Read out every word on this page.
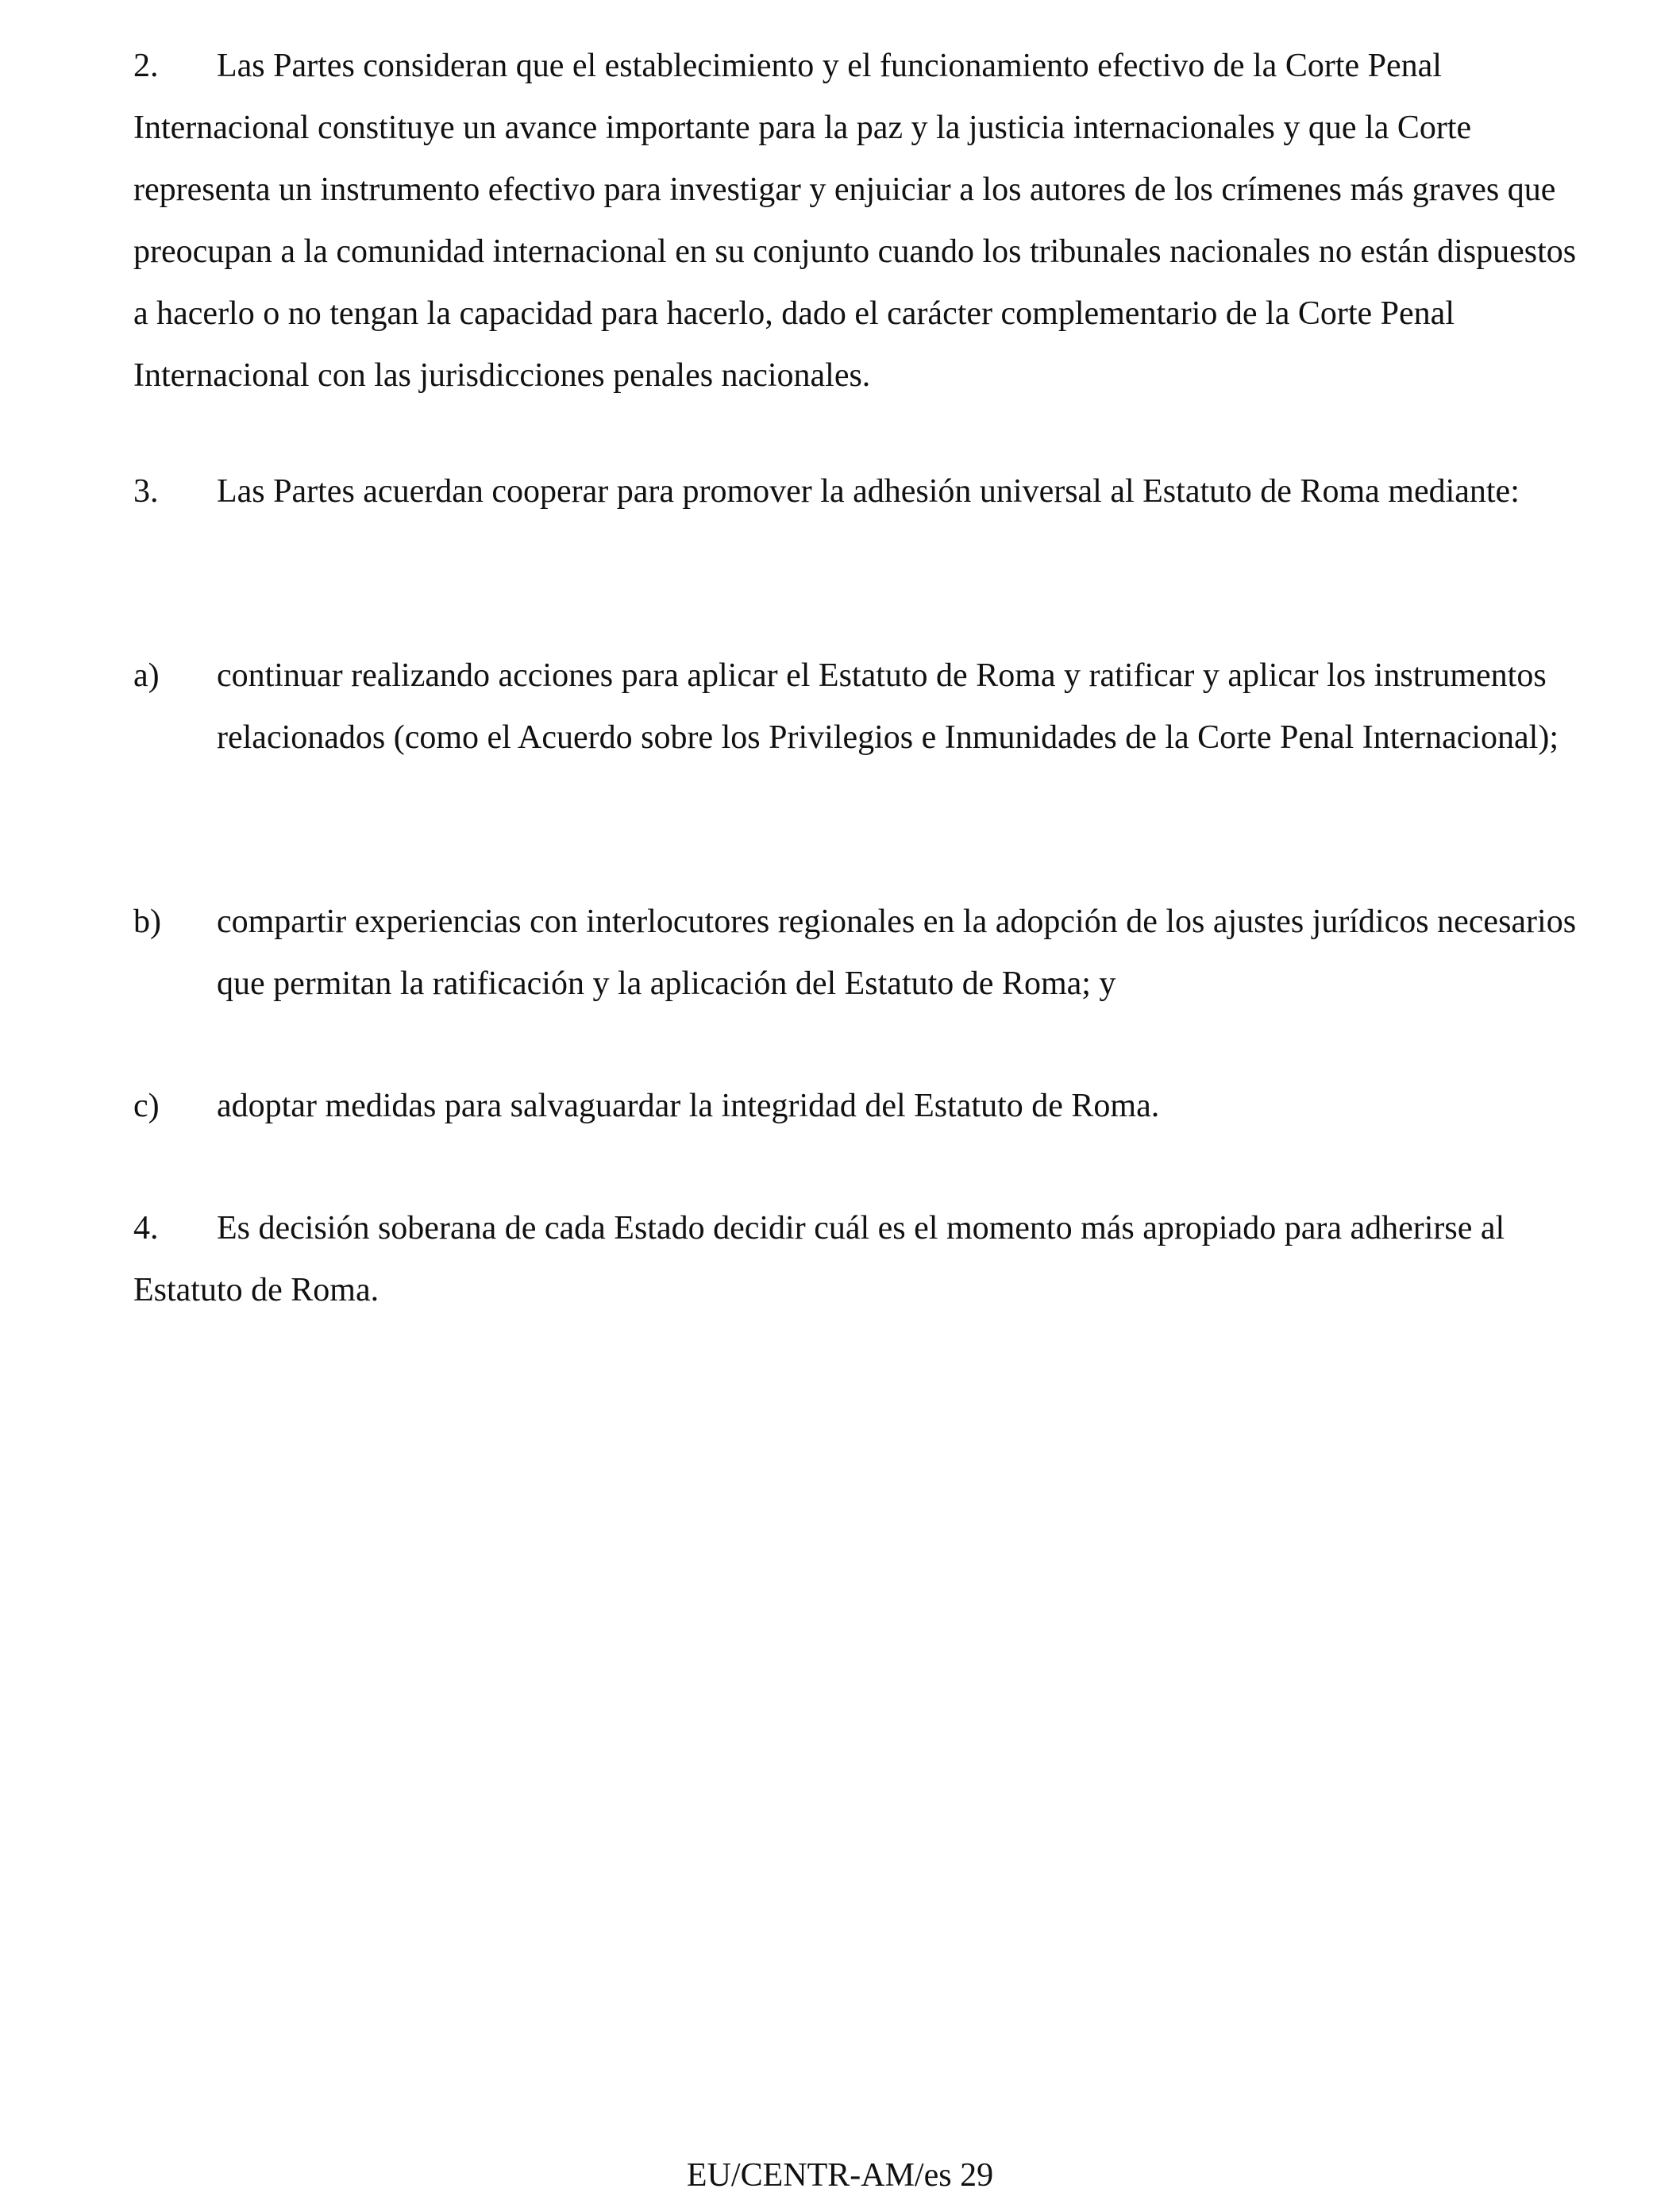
2. Las Partes consideran que el establecimiento y el funcionamiento efectivo de la Corte Penal Internacional constituye un avance importante para la paz y la justicia internacionales y que la Corte representa un instrumento efectivo para investigar y enjuiciar a los autores de los crímenes más graves que preocupan a la comunidad internacional en su conjunto cuando los tribunales nacionales no están dispuestos a hacerlo o no tengan la capacidad para hacerlo, dado el carácter complementario de la Corte Penal Internacional con las jurisdicciones penales nacionales.

3. Las Partes acuerdan cooperar para promover la adhesión universal al Estatuto de Roma mediante:

a)	continuar realizando acciones para aplicar el Estatuto de Roma y ratificar y aplicar los instrumentos relacionados (como el Acuerdo sobre los Privilegios e Inmunidades de la Corte Penal Internacional);
b)	compartir experiencias con interlocutores regionales en la adopción de los ajustes jurídicos necesarios que permitan la ratificación y la aplicación del Estatuto de Roma; y
c)	adoptar medidas para salvaguardar la integridad del Estatuto de Roma.

4. Es decisión soberana de cada Estado decidir cuál es el momento más apropiado para adherirse al Estatuto de Roma.

EU/CENTR-AM/es 29
